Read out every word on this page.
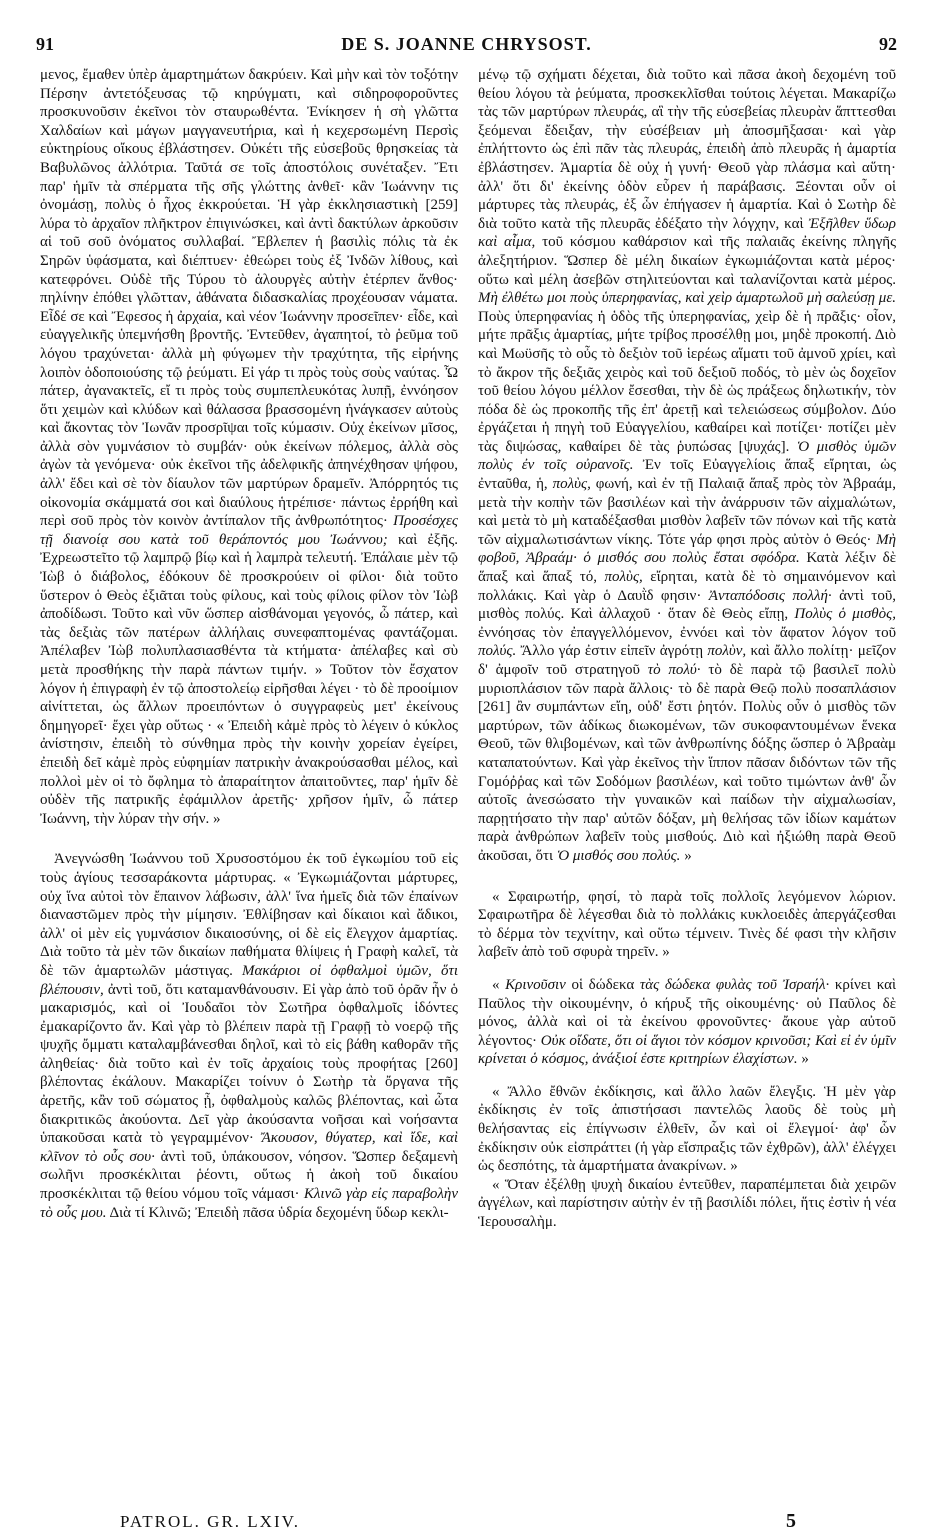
91	DE S. JOANNE CHRYSOST.	92

μενος, ἔμαθεν ὑπὲρ ἁμαρτημάτων δακρύειν. Καὶ μὴν καὶ τὸν τοξότην Πέρσην ἀντετόξευσας τῷ κηρύγματι, καὶ σιδηροφοροῦντες προσκυνοῦσιν ἐκεῖνοι τὸν σταυρωθέντα. Ἐνίκησεν ἡ σὴ γλῶττα Χαλδαίων καὶ μάγων μαγγανευτήρια, καὶ ἡ κεχερσωμένη Περσὶς εὐκτηρίους οἴκους ἐβλάστησεν. Οὐκέτι τῆς εὐσεβοῦς θρησκείας τὰ Βαβυλῶνος ἀλλότρια. Ταῦτά σε τοῖς ἀποστόλοις συνέταξεν. Ἔτι παρ' ἡμῖν τὰ σπέρματα τῆς σῆς γλώττης ἀνθεῖ· κἂν Ἰωάννην τις ὀνομάσῃ, πολὺς ὁ ἦχος ἐκκρούεται. Ἡ γὰρ ἐκκλησιαστικὴ [259] λύρα τὸ ἀρχαῖον πλῆκτρον ἐπιγινώσκει, καὶ ἀντὶ δακτύλων ἀρκοῦσιν αἱ τοῦ σοῦ ὀνόματος συλλαβαί. Ἔβλεπεν ἡ βασιλὶς πόλις τὰ ἐκ Σηρῶν ὑφάσματα, καὶ διέπτυεν· ἐθεώρει τοὺς ἐξ Ἰνδῶν λίθους, καὶ κατεφρόνει. Οὐδὲ τῆς Τύρου τὸ ἁλουργὲς αὐτὴν ἐτέρπεν ἄνθος· πηλίνην ἐπόθει γλῶτταν, ἀθάνατα διδασκαλίας προχέουσαν νάματα. Εἶδέ σε καὶ Ἔφεσος ἡ ἀρχαία, καὶ νέον Ἰωάννην προσεῖπεν· εἶδε, καὶ εὐαγγελικῆς ὑπεμνήσθη βροντῆς. Ἐντεῦθεν, ἀγαπητοί, τὸ ῥεῦμα τοῦ λόγου τραχύνεται· ἀλλὰ μὴ φύγωμεν τὴν τραχύτητα, τῆς εἰρήνης λοιπὸν ὁδοποιούσης τῷ ῥεύματι. Εἰ γάρ τι πρὸς τοὺς σοὺς ναύτας. Ὦ πάτερ, ἀγανακτεῖς, εἴ τι πρὸς τοὺς συμπεπλευκότας λυπῇ, ἐννόησον ὅτι χειμὼν καὶ κλύδων καὶ θάλασσα βρασσομένη ἠνάγκασεν αὐτοὺς καὶ ἄκοντας τὸν Ἰωνᾶν προσρῖψαι τοῖς κύμασιν. Οὐχ ἐκείνων μῖσος, ἀλλὰ σὸν γυμνάσιον τὸ συμβάν· οὐκ ἐκείνων πόλεμος, ἀλλὰ σὸς ἀγὼν τὰ γενόμενα· οὐκ ἐκεῖνοι τῆς ἀδελφικῆς ἀπηνέχθησαν ψήφου, ἀλλ' ἔδει καὶ σὲ τὸν δίαυλον τῶν μαρτύρων δραμεῖν. Ἀπόρρητός τις οἰκονομία σκάμματά σοι καὶ διαύλους ἡτρέπισε· πάντως ἐρρήθη καὶ περὶ σοῦ πρὸς τὸν κοινὸν ἀντίπαλον τῆς ἀνθρωπότητος· Προσέσχες τῇ διανοίᾳ σου κατὰ τοῦ θεράποντός μου Ἰωάννου; καὶ ἐξῆς. Ἐχρεωστεῖτο τῷ λαμπρῷ βίῳ καὶ ἡ λαμπρὰ τελευτή. Ἐπάλαιε μὲν τῷ Ἰὼβ ὁ διάβολος, ἐδόκουν δὲ προσκρούειν οἱ φίλοι· διὰ τοῦτο ὕστερον ὁ Θεὸς ἐξιᾶται τοὺς φίλους, καὶ τοὺς φίλοις φίλον τὸν Ἰὼβ ἀποδίδωσι. Τοῦτο καὶ νῦν ὥσπερ αἰσθάνομαι γεγονός, ὦ πάτερ, καὶ τὰς δεξιὰς τῶν πατέρων ἀλλήλαις συνεφαπτομένας φαντάζομαι. Ἀπέλαβεν Ἰὼβ πολυπλασιασθέντα τὰ κτήματα· ἀπέλαβες καὶ σὺ μετὰ προσθήκης τὴν παρὰ πάντων τιμήν. » Τοῦτον τὸν ἔσχατον λόγον ἡ ἐπιγραφὴ ἐν τῷ ἀποστολείῳ εἰρῆσθαι λέγει · τὸ δὲ προοίμιον αἰνίττεται, ὡς ἄλλων προειπόντων ὁ συγγραφεὺς μετ' ἐκείνους δημηγορεῖ· ἔχει γὰρ οὕτως · « Ἐπειδὴ κἀμὲ πρὸς τὸ λέγειν ὁ κύκλος ἀνίστησιν, ἐπειδὴ τὸ σύνθημα πρὸς τὴν κοινὴν χορείαν ἐγείρει, ἐπειδὴ δεῖ κἀμὲ πρὸς εὐφημίαν πατρικὴν ἀνακρούσασθαι μέλος, καὶ πολλοὶ μὲν οἱ τὸ ὄφλημα τὸ ἀπαραίτητον ἀπαιτοῦντες, παρ' ἡμῖν δὲ οὐδὲν τῆς πατρικῆς ἐφάμιλλον ἀρετῆς· χρῆσον ἡμῖν, ὦ πάτερ Ἰωάννη, τὴν λύραν τὴν σήν. »

Ἀνεγνώσθη Ἰωάννου τοῦ Χρυσοστόμου ἐκ τοῦ ἐγκωμίου τοῦ εἰς τοὺς ἁγίους τεσσαράκοντα μάρτυρας. « Ἐγκωμιάζονται μάρτυρες, οὐχ ἵνα αὐτοὶ τὸν ἔπαινον λάβωσιν, ἀλλ' ἵνα ἡμεῖς διὰ τῶν ἐπαίνων διαναστῶμεν πρὸς τὴν μίμησιν. Ἐθλίβησαν καὶ δίκαιοι καὶ ἄδικοι, ἀλλ' οἱ μὲν εἰς γυμνάσιον δικαιοσύνης, οἱ δὲ εἰς ἔλεγχον ἁμαρτίας. Διὰ τοῦτο τὰ μὲν τῶν δικαίων παθήματα θλίψεις ἡ Γραφὴ καλεῖ, τὰ δὲ τῶν ἁμαρτωλῶν μάστιγας. Μακάριοι οἱ ὀφθαλμοὶ ὑμῶν, ὅτι βλέπουσιν, ἀντὶ τοῦ, ὅτι καταμανθάνουσιν. Εἰ γὰρ ἀπὸ τοῦ ὁρᾶν ἦν ὁ μακαρισμός, καὶ οἱ Ἰουδαῖοι τὸν Σωτῆρα ὀφθαλμοῖς ἰδόντες ἐμακαρίζοντο ἄν. Καὶ γὰρ τὸ βλέπειν παρὰ τῇ Γραφῇ τὸ νοερῷ τῆς ψυχῆς ὄμματι καταλαμβάνεσθαι δηλοῖ, καὶ τὸ εἰς βάθη καθορᾶν τῆς ἀληθείας· διὰ τοῦτο καὶ ἐν τοῖς ἀρχαίοις τοὺς προφήτας [260] βλέποντας ἐκάλουν. Μακαρίζει τοίνυν ὁ Σωτὴρ τὰ ὄργανα τῆς ἀρετῆς, κἂν τοῦ σώματος ᾖ, ὀφθαλμοὺς καλῶς βλέποντας, καὶ ὦτα διακριτικῶς ἀκούοντα. Δεῖ γὰρ ἀκούσαντα νοῆσαι καὶ νοήσαντα ὑπακοῦσαι κατὰ τὸ γεγραμμένον· Ἄκουσον, θύγατερ, καὶ ἴδε, καὶ κλῖνον τὸ οὖς σου· ἀντὶ τοῦ, ὑπάκουσον, νόησον. Ὥσπερ δεξαμενὴ σωλῆνι προσκέκλιται ῥέοντι, οὕτως ἡ ἀκοὴ τοῦ δικαίου προσκέκλιται τῷ θείου νόμου τοῖς νάμασι· Κλινῶ γὰρ εἰς παραβολὴν τὸ οὖς μου. Διὰ τί Κλινῶ; Ἐπειδὴ πᾶσα ὑδρία δεχομένη ὕδωρ κεκλι-

μένῳ τῷ σχήματι δέχεται, διὰ τοῦτο καὶ πᾶσα ἀκοὴ δεχομένη τοῦ θείου λόγου τὰ ῥεύματα, προσκεκλῖσθαι τούτοις λέγεται. Μακαρίζω τὰς τῶν μαρτύρων πλευράς, αἳ τὴν τῆς εὐσεβείας πλευρὰν ἅπττεσθαι ξεόμεναι ἔδειξαν, τὴν εὐσέβειαν μὴ ἀποσμῆξασαι· καὶ γὰρ ἐπλήττοντο ὡς ἐπὶ πᾶν τὰς πλευράς, ἐπειδὴ ἀπὸ πλευρᾶς ἡ ἁμαρτία ἐβλάστησεν. Ἁμαρτία δὲ οὐχ ἡ γυνή· Θεοῦ γὰρ πλάσμα καὶ αὕτη· ἀλλ' ὅτι δι' ἐκείνης ὁδὸν εὗρεν ἡ παράβασις. Ξέονται οὖν οἱ μάρτυρες τὰς πλευράς, ἐξ ὧν ἐπήγασεν ἡ ἁμαρτία. Καὶ ὁ Σωτὴρ δὲ διὰ τοῦτο κατὰ τῆς πλευρᾶς ἐδέξατο τὴν λόγχην, καὶ Ἐξῆλθεν ὕδωρ καὶ αἷμα, τοῦ κόσμου καθάρσιον καὶ τῆς παλαιᾶς ἐκείνης πληγῆς ἀλεξητήριον. Ὥσπερ δὲ μέλη δικαίων ἐγκωμιάζονται κατὰ μέρος· οὕτω καὶ μέλη ἀσεβῶν στηλιτεύονται καὶ ταλανίζονται κατὰ μέρος. Μὴ ἐλθέτω μοι ποὺς ὑπερηφανίας, καὶ χεὶρ ἁμαρτωλοῦ μὴ σαλεύσῃ με. Ποὺς ὑπερηφανίας ἡ ὁδὸς τῆς ὑπερηφανίας, χεὶρ δὲ ἡ πρᾶξις· οἷον, μήτε πρᾶξις ἁμαρτίας, μήτε τρίβος προσέλθῃ μοι, μηδὲ προκοπή. Διὸ καὶ Μωϋσῆς τὸ οὖς τὸ δεξιὸν τοῦ ἱερέως αἵματι τοῦ ἀμνοῦ χρίει, καὶ τὸ ἄκρον τῆς δεξιᾶς χειρὸς καὶ τοῦ δεξιοῦ ποδός, τὸ μὲν ὡς δοχεῖον τοῦ θείου λόγου μέλλον ἔσεσθαι, τὴν δὲ ὡς πράξεως δηλωτικήν, τὸν πόδα δὲ ὡς προκοπῆς τῆς ἐπ' ἀρετῇ καὶ τελειώσεως σύμβολον. Δύο ἐργάζεται ἡ πηγὴ τοῦ Εὐαγγελίου, καθαίρει καὶ ποτίζει· ποτίζει μὲν τὰς διψώσας, καθαίρει δὲ τὰς ῥυπώσας [ψυχάς]. Ὁ μισθὸς ὑμῶν πολὺς ἐν τοῖς οὐρανοῖς. Ἐν τοῖς Εὐαγγελίοις ἅπαξ εἴρηται, ὡς ἐνταῦθα, ἡ, πολὺς, φωνή, καὶ ἐν τῇ Παλαιᾷ ἅπαξ πρὸς τὸν Ἀβραάμ, μετὰ τὴν κοπὴν τῶν βασιλέων καὶ τὴν ἀνάρρυσιν τῶν αἰχμαλώτων, καὶ μετὰ τὸ μὴ καταδέξασθαι μισθὸν λαβεῖν τῶν πόνων καὶ τῆς κατὰ τῶν αἰχμαλωτισάντων νίκης. Τότε γάρ φησι πρὸς αὐτὸν ὁ Θεός· Μὴ φοβοῦ, Ἀβραάμ· ὁ μισθός σου πολὺς ἔσται σφόδρα. Κατὰ λέξιν δὲ ἅπαξ καὶ ἅπαξ τό, πολὺς, εἴρηται, κατὰ δὲ τὸ σημαινόμενον καὶ πολλάκις. Καὶ γὰρ ὁ Δαυῒδ φησιν· Ἀνταπόδοσις πολλή· ἀντὶ τοῦ, μισθὸς πολύς. Καὶ ἀλλαχοῦ · ὅταν δὲ Θεὸς εἴπῃ, Πολὺς ὁ μισθὸς, ἐννόησας τὸν ἐπαγγελλόμενον, ἐννόει καὶ τὸν ἄφατον λόγον τοῦ πολύς. Ἄλλο γάρ ἐστιν εἰπεῖν ἀγρότῃ πολὺν, καὶ ἄλλο πολίτῃ· μεῖζον δ' ἀμφοῖν τοῦ στρατηγοῦ τὸ πολύ· τὸ δὲ παρὰ τῷ βασιλεῖ πολὺ μυριοπλάσιον τῶν παρὰ ἄλλοις· τὸ δὲ παρὰ Θεῷ πολὺ ποσαπλάσιον [261] ἂν συμπάντων εἴη, οὐδ' ἔστι ῥητόν. Πολὺς οὖν ὁ μισθὸς τῶν μαρτύρων, τῶν ἀδίκως διωκομένων, τῶν συκοφαντουμένων ἕνεκα Θεοῦ, τῶν θλιβομένων, καὶ τῶν ἀνθρωπίνης δόξης ὥσπερ ὁ Ἀβραὰμ καταπατούντων. Καὶ γὰρ ἐκεῖνος τὴν ἵππον πᾶσαν διδόντων τῶν τῆς Γομόῤῥας καὶ τῶν Σοδόμων βασιλέων, καὶ τοῦτο τιμώντων ἀνθ' ὧν αὐτοῖς ἀνεσώσατο τὴν γυναικῶν καὶ παίδων τὴν αἰχμαλωσίαν, παρῃτήσατο τὴν παρ' αὐτῶν δόξαν, μὴ θελήσας τῶν ἰδίων καμάτων παρὰ ἀνθρώπων λαβεῖν τοὺς μισθούς. Διὸ καὶ ἠξιώθη παρὰ Θεοῦ ἀκοῦσαι, ὅτι Ὁ μισθός σου πολύς. »

« Σφαιρωτήρ, φησί, τὸ παρὰ τοῖς πολλοῖς λεγόμενον λώριον. Σφαιρωτῆρα δὲ λέγεσθαι διὰ τὸ πολλάκις κυκλοειδὲς ἀπεργάζεσθαι τὸ δέρμα τὸν τεχνίτην, καὶ οὕτω τέμνειν. Τινὲς δέ φασι τὴν κλῆσιν λαβεῖν ἀπὸ τοῦ σφυρὰ τηρεῖν. »

« Κρινοῦσιν οἱ δώδεκα τὰς δώδεκα φυλὰς τοῦ Ἰσραήλ· κρίνει καὶ Παῦλος τὴν οἰκουμένην, ὁ κήρυξ τῆς οἰκουμένης· οὐ Παῦλος δὲ μόνος, ἀλλὰ καὶ οἱ τὰ ἐκείνου φρονοῦντες· ἄκουε γὰρ αὐτοῦ λέγοντος· Οὐκ οἴδατε, ὅτι οἱ ἅγιοι τὸν κόσμον κρινοῦσι; Καὶ εἰ ἐν ὑμῖν κρίνεται ὁ κόσμος, ἀνάξιοί ἐστε κριτηρίων ἐλαχίστων. »

« Ἄλλο ἔθνῶν ἐκδίκησις, καὶ ἄλλο λαῶν ἔλεγξις. Ἡ μὲν γὰρ ἐκδίκησις ἐν τοῖς ἀπιστήσασι παντελῶς λαοῦς δὲ τοὺς μὴ θελήσαντας εἰς ἐπίγνωσιν ἐλθεῖν, ὧν καὶ οἱ ἔλεγμοί· ἀφ' ὧν ἐκδίκησιν οὐκ εἰσπράττει (ἡ γὰρ εἴσπραξις τῶν ἐχθρῶν), ἀλλ' ἐλέγχει ὡς δεσπότης, τὰ ἁμαρτήματα ἀνακρίνων. »

« Ὅταν ἐξέλθῃ ψυχὴ δικαίου ἐντεῦθεν, παραπέμπεται διὰ χειρῶν ἀγγέλων, καὶ παρίστησιν αὐτὴν ἐν τῇ βασιλίδι πόλει, ἥτις ἐστὶν ἡ νέα Ἱερουσαλὴμ.

PATROL. GR. LXIV.	5
